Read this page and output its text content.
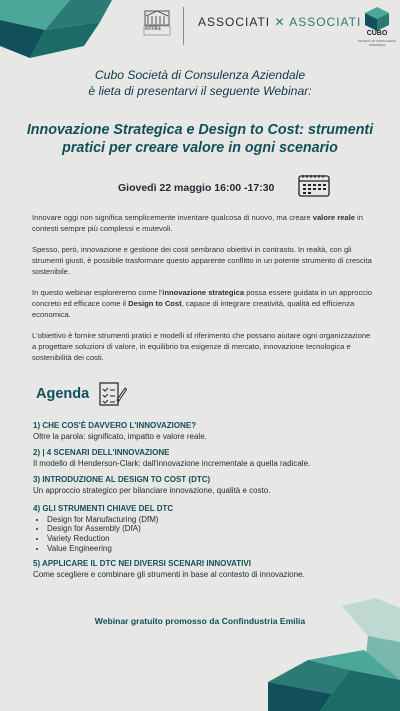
emilia	ASSOCIATI ✕ ASSOCIATI
CUBO
SOCIETÀ DI CONSULENZA AZIENDALE
Cubo Società di Consulenza Aziendale
è lieta di presentarvi il seguente Webinar:
Innovazione Strategica e Design to Cost: strumenti
pratici per creare valore in ogni scenario
Giovedì 22 maggio 16:00 -17:30
Innovare oggi non significa semplicemente inventare qualcosa di nuovo, ma creare valore reale in contesti sempre più complessi e mutevoli.
Spesso, però, innovazione e gestione dei costi sembrano obiettivi in contrasto. In realtà, con gli strumenti giusti, è possibile trasformare questo apparente conflitto in un potente strumento di crescita sostenibile.
In questo webinar esploreremo come l'innovazione strategica possa essere guidata in un approccio concreto ed efficace come il Design to Cost, capace di integrare creatività, qualità ed efficienza economica.
L'obiettivo è fornire strumenti pratici e modelli id riferimento che possano aiutare ogni organizzazione a progettare soluzioni di valore, in equilibrio tra esigenze di mercato, innovazione tecnologica e sostenibilità dei costi.
Agenda
1) CHE COS'È DAVVERO L'INNOVAZIONE?
Oltre la parola: significato, impatto e valore reale.
2) | 4 SCENARI DELL'INNOVAZIONE
Il modello di Henderson-Clark: dall'innovazione incrementale a quella radicale.
3) INTRODUZIONE AL DESIGN TO COST (DTC)
Un approccio strategico per bilanciare innovazione, qualità e costo.
4) GLI STRUMENTI CHIAVE DEL DTC
• Design for Manufacturing (DfM)
• Design for Assembly (DfA)
• Variety Reduction
• Value Engineering
5) APPLICARE IL DTC NEI DIVERSI SCENARI INNOVATIVI
Come scegliere e combinare gli strumenti in base al contesto di innovazione.
Webinar gratuito promosso da Confindustria Emilia
